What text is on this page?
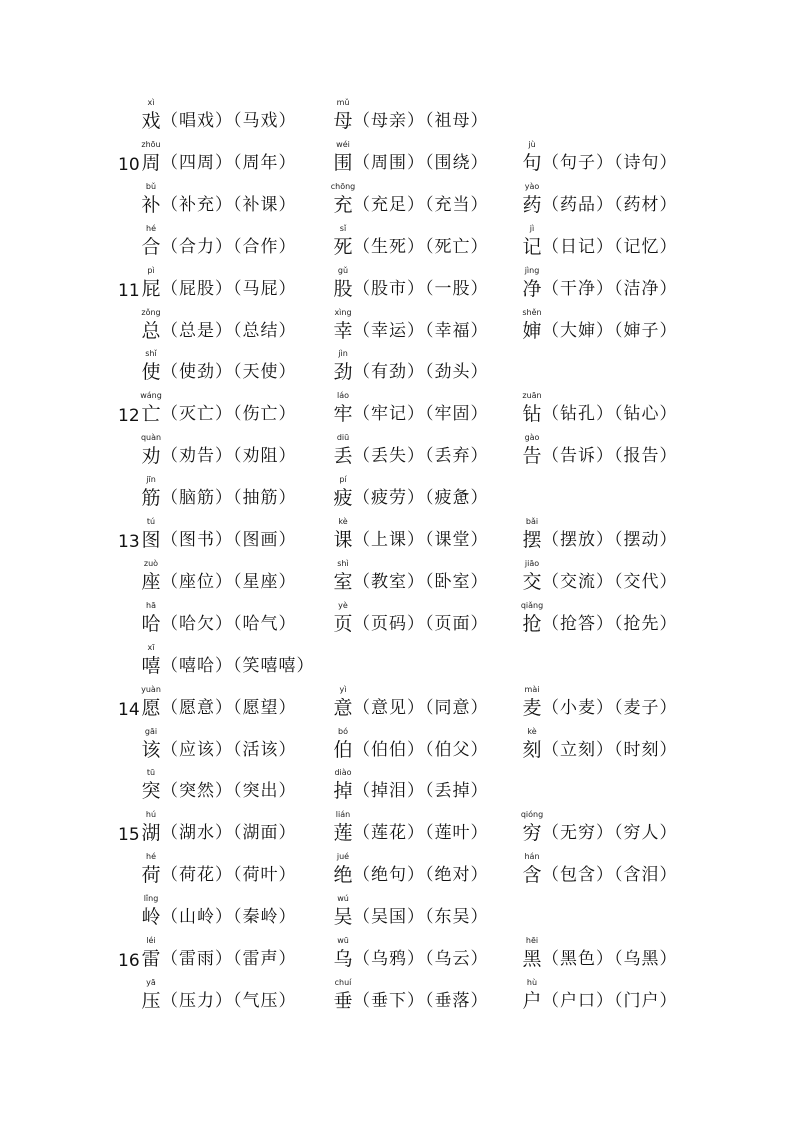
xì
戏 （唱戏）（马戏）
mǔ
母 （母亲）（祖母）
10
zhōu
周 （四周）（周年）
wéi
围 （周围）（围绕）
jù
句 （句子）（诗句）
bǔ
补 （补充）（补课）
chōng
充 （充足）（充当）
yào
药 （药品）（药材）
hé
合 （合力）（合作）
sǐ
死 （生死）（死亡）
jì
记 （日记）（记忆）
11
pì
屁 （屁股）（马屁）
gǔ
股 （股市）（一股）
jìng
净 （干净）（洁净）
zǒng
总 （总是）（总结）
xìng
幸 （幸运）（幸福）
shěn
婶 （大婶）（婶子）
shǐ
使 （使劲）（天使）
jìn
劲 （有劲）（劲头）
12
wáng
亡 （灭亡）（伤亡）
láo
牢 （牢记）（牢固）
zuān
钻 （钻孔）（钻心）
quàn
劝 （劝告）（劝阻）
diū
丢 （丢失）（丢弃）
gào
告 （告诉）（报告）
jīn
筋 （脑筋）（抽筋）
pí
疲 （疲劳）（疲惫）
13
tú
图 （图书）（图画）
kè
课 （上课）（课堂）
bǎi
摆 （摆放）（摆动）
zuò
座 （座位）（星座）
shì
室 （教室）（卧室）
jiāo
交 （交流）（交代）
hā
哈 （哈欠）（哈气）
yè
页 （页码）（页面）
qiǎng
抢 （抢答）（抢先）
xī
嘻 （嘻哈）（笑嘻嘻）
14
yuàn
愿 （愿意）（愿望）
yì
意 （意见）（同意）
mài
麦 （小麦）（麦子）
gāi
该 （应该）（活该）
bó
伯 （伯伯）（伯父）
kè
刻 （立刻）（时刻）
tū
突 （突然）（突出）
diào
掉 （掉泪）（丢掉）
15
hú
湖 （湖水）（湖面）
lián
莲 （莲花）（莲叶）
qióng
穷 （无穷）（穷人）
hé
荷 （荷花）（荷叶）
jué
绝 （绝句）（绝对）
hán
含 （包含）（含泪）
lǐng
岭 （山岭）（秦岭）
wú
吴 （吴国）（东吴）
16
léi
雷 （雷雨）（雷声）
wū
乌 （乌鸦）（乌云）
hēi
黑 （黑色）（乌黑）
yā
压 （压力）（气压）
chuí
垂 （垂下）（垂落）
hù
户 （户口）（门户）
